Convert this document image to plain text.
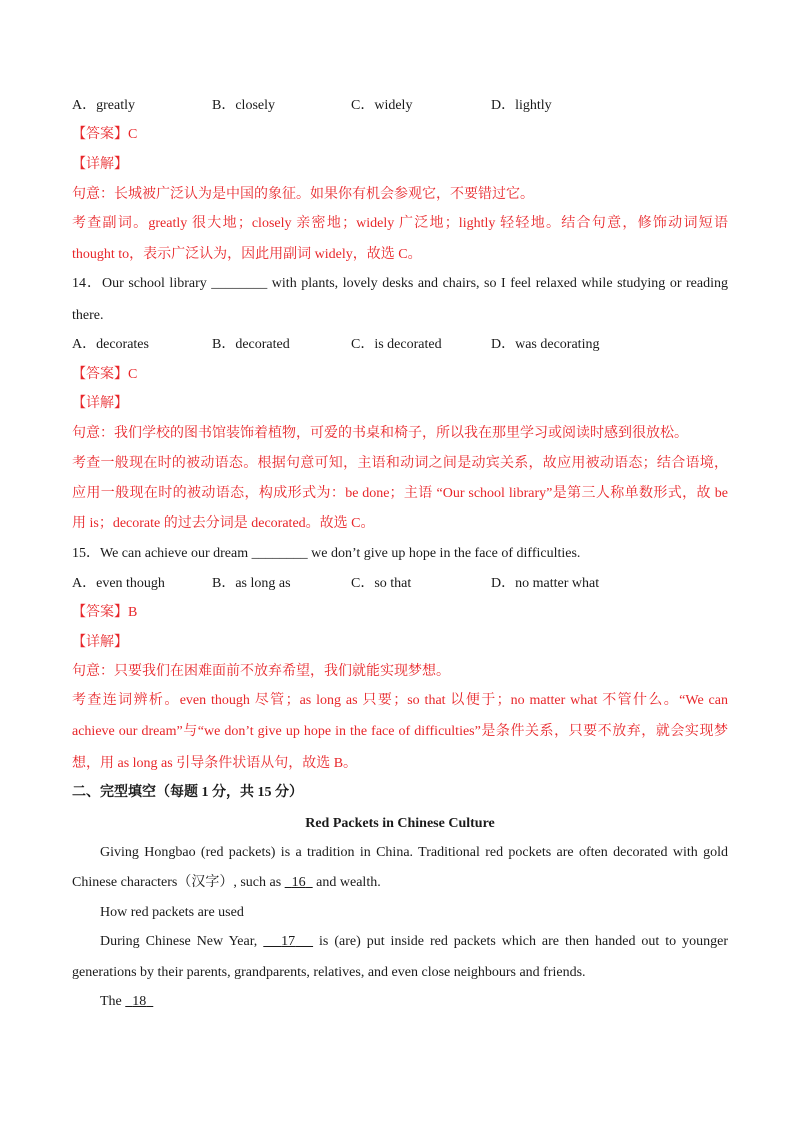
A．greatly	B．closely	C．widely	D．lightly
【答案】C
【详解】
句意：长城被广泛认为是中国的象征。如果你有机会参观它，不要错过它。
考查副词。greatly 很大地；closely 亲密地；widely 广泛地；lightly 轻轻地。结合句意，修饰动词短语
thought to，表示广泛认为，因此用副词 widely，故选 C。
14．Our school library ________ with plants, lovely desks and chairs, so I feel relaxed while studying or reading
there.
A．decorates	B．decorated	C．is decorated	D．was decorating
【答案】C
【详解】
句意：我们学校的图书馆装饰着植物，可爱的书桌和椅子，所以我在那里学习或阅读时感到很放松。
考查一般现在时的被动语态。根据句意可知，主语和动词之间是动宾关系，故应用被动语态；结合语境，
应用一般现在时的被动语态，构成形式为：be done；主语 “Our school library”是第三人称单数形式，故 be
用 is；decorate 的过去分词是 decorated。故选 C。
15．We can achieve our dream ________ we don’t give up hope in the face of difficulties.
A．even though	B．as long as	C．so that	D．no matter what
【答案】B
【详解】
句意：只要我们在困难面前不放弃希望，我们就能实现梦想。
考查连词辨析。even though 尽管；as long as 只要；so that 以便于；no matter what 不管什么。“We can
achieve our dream”与“we don’t give up hope in the face of difficulties”是条件关系，只要不放弃，就会实现梦
想，用 as long as 引导条件状语从句，故选 B。
二、完型填空（每题 1 分，共 15 分）
Red Packets in Chinese Culture
Giving Hongbao (red packets) is a tradition in China. Traditional red pockets are often decorated with gold
Chinese characters（汉字）, such as   16   and wealth.
How red packets are used
During Chinese New Year,    17    is (are) put inside red packets which are then handed out to younger
generations by their parents, grandparents, relatives, and even close neighbours and friends.
The   18
